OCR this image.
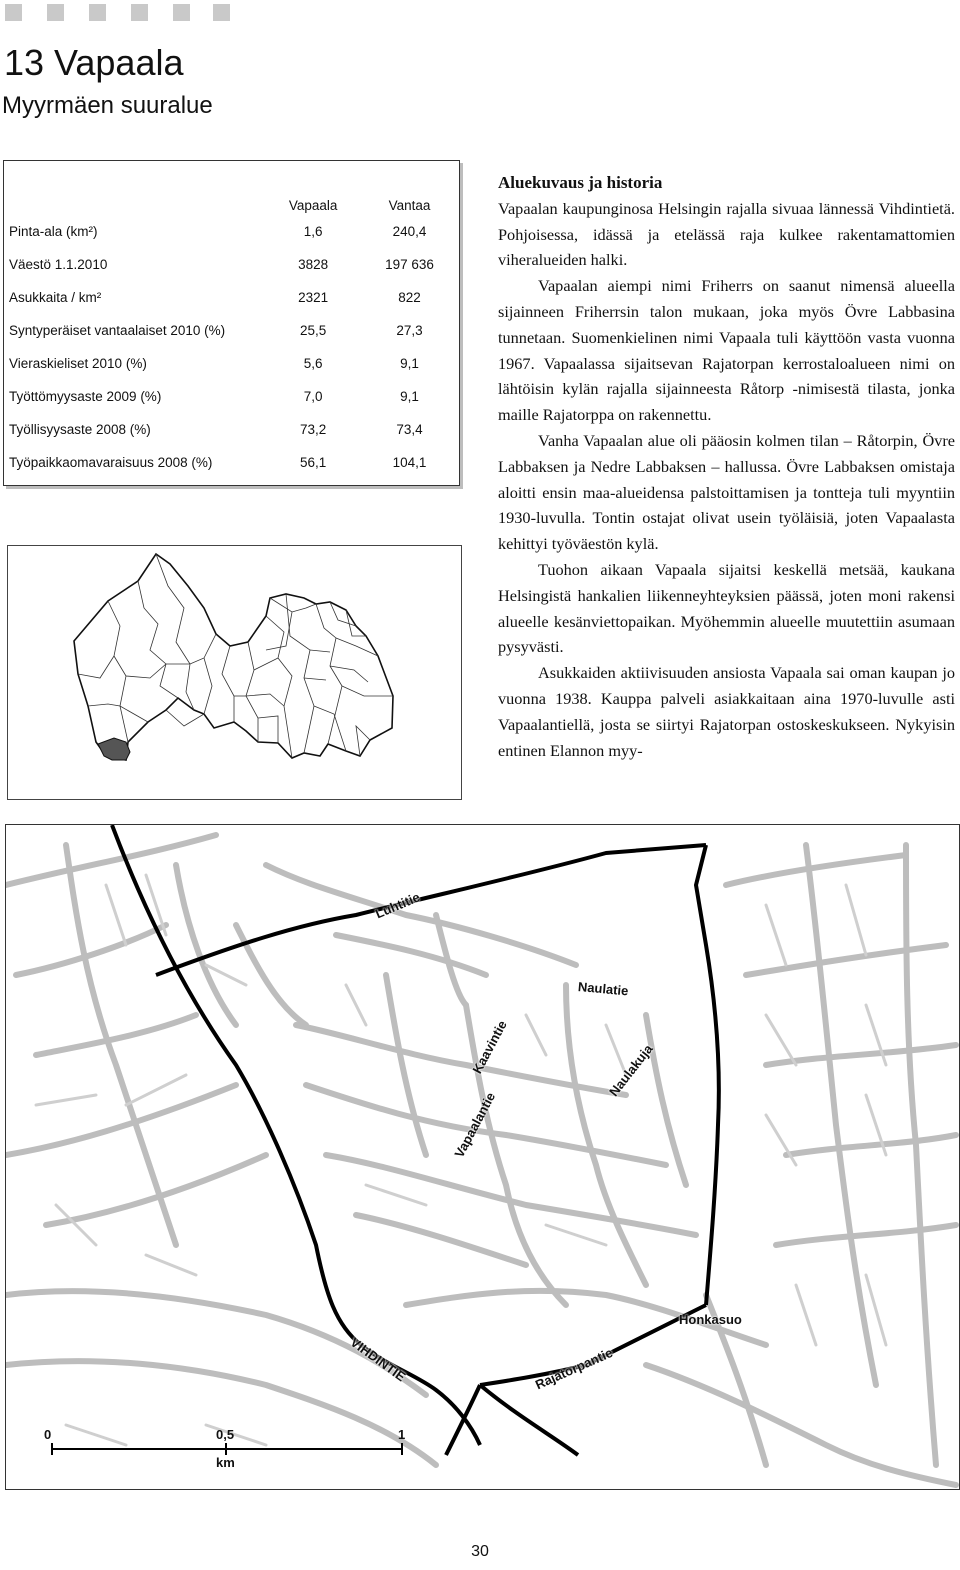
13 Vapaala
Myyrmäen suuralue
	Vapaala	Vantaa
Pinta-ala (km²)	1,6	240,4
Väestö 1.1.2010	3828	197 636
Asukkaita / km²	2321	822
Syntyperäiset vantaalaiset 2010 (%)	25,5	27,3
Vieraskieliset 2010 (%)	5,6	9,1
Työttömyysaste 2009 (%)	7,0	9,1
Työllisyysaste 2008 (%)	73,2	73,4
Työpaikkaomavaraisuus 2008 (%)	56,1	104,1
Aluekuvaus ja historia

Vapaalan kaupunginosa Helsingin rajalla sivuaa lännessä Vihdintietä. Pohjoisessa, idässä ja etelässä raja kulkee rakentamattomien viheralueiden halki.

Vapaalan aiempi nimi Friherrs on saanut nimensä alueella sijainneen Friherrsin talon mukaan, joka myös Övre Labbasina tunnetaan. Suomenkielinen nimi Vapaala tuli käyttöön vasta vuonna 1967. Vapaalassa sijaitsevan Rajatorpan kerrostaloalueen nimi on lähtöisin kylän rajalla sijainneesta Råtorp -nimisestä tilasta, jonka maille Rajatorppa on rakennettu.

Vanha Vapaalan alue oli pääosin kolmen tilan – Råtorpin, Övre Labbaksen ja Nedre Labbaksen – hallussa. Övre Labbaksen omistaja aloitti ensin maa-alueidensa palstoittamisen ja tontteja tuli myyntiin 1930-luvulla. Tontin ostajat olivat usein työläisiä, joten Vapaalasta kehittyi työväestön kylä.

Tuohon aikaan Vapaala sijaitsi keskellä metsää, kaukana Helsingistä hankalien liikenneyhteyksien päässä, joten moni rakensi alueelle kesänviettopaikan. Myöhemmin alueelle muutettiin asumaan pysyvästi.

Asukkaiden aktiivisuuden ansiosta Vapaala sai oman kaupan jo vuonna 1938. Kauppa palveli asiakkaitaan aina 1970-luvulle asti Vapaalantiellä, josta se siirtyi Rajatorpan ostoskeskukseen. Nykyisin entinen Elannon myy-

Luhtitie
Naulatie
Kaavintie	Naulakuja
Vapaalantie
Honkasuo
VIHDINTIE	Rajatorpantie
0	0,5	1
km
30
